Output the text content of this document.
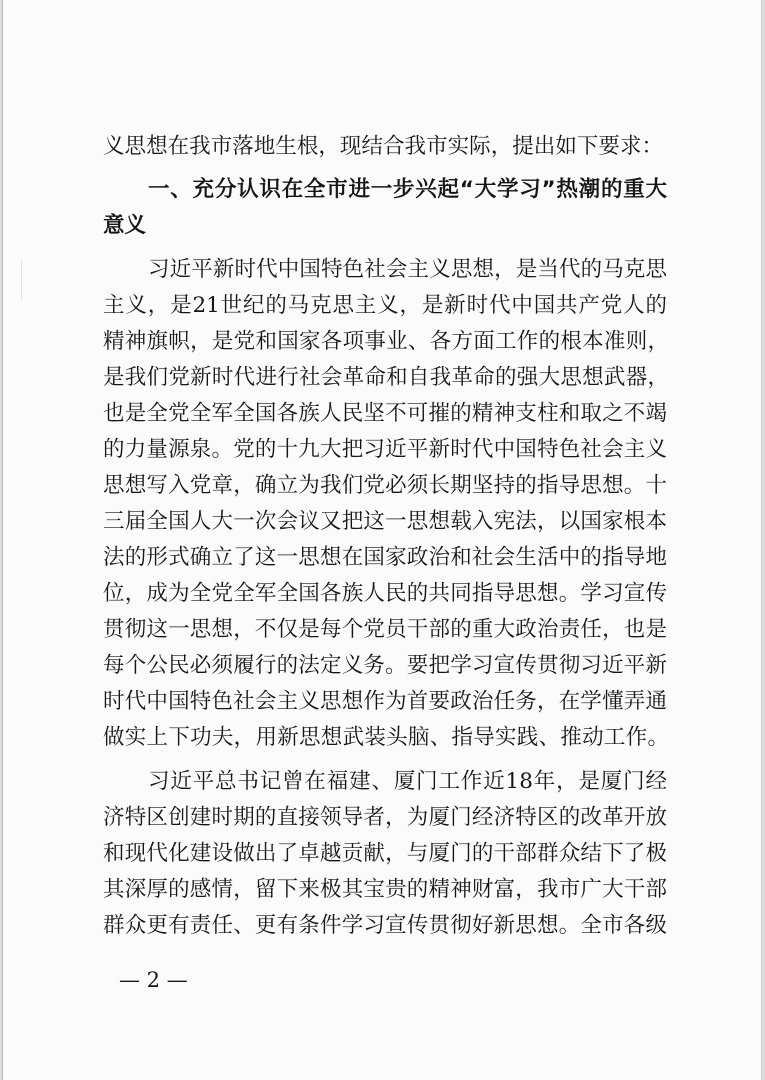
义思想在我市落地生根，现结合我市实际，提出如下要求：
一、充分认识在全市进一步兴起“大学习”热潮的重大
意义
习近平新时代中国特色社会主义思想，是当代的马克思
主义，是21世纪的马克思主义，是新时代中国共产党人的
精神旗帜，是党和国家各项事业、各方面工作的根本准则，
是我们党新时代进行社会革命和自我革命的强大思想武器，
也是全党全军全国各族人民坚不可摧的精神支柱和取之不竭
的力量源泉。党的十九大把习近平新时代中国特色社会主义
思想写入党章，确立为我们党必须长期坚持的指导思想。十
三届全国人大一次会议又把这一思想载入宪法，以国家根本
法的形式确立了这一思想在国家政治和社会生活中的指导地
位，成为全党全军全国各族人民的共同指导思想。学习宣传
贯彻这一思想，不仅是每个党员干部的重大政治责任，也是
每个公民必须履行的法定义务。要把学习宣传贯彻习近平新
时代中国特色社会主义思想作为首要政治任务，在学懂弄通
做实上下功夫，用新思想武装头脑、指导实践、推动工作。
习近平总书记曾在福建、厦门工作近18年，是厦门经
济特区创建时期的直接领导者，为厦门经济特区的改革开放
和现代化建设做出了卓越贡献，与厦门的干部群众结下了极
其深厚的感情，留下来极其宝贵的精神财富，我市广大干部
群众更有责任、更有条件学习宣传贯彻好新思想。全市各级
— 2 —
